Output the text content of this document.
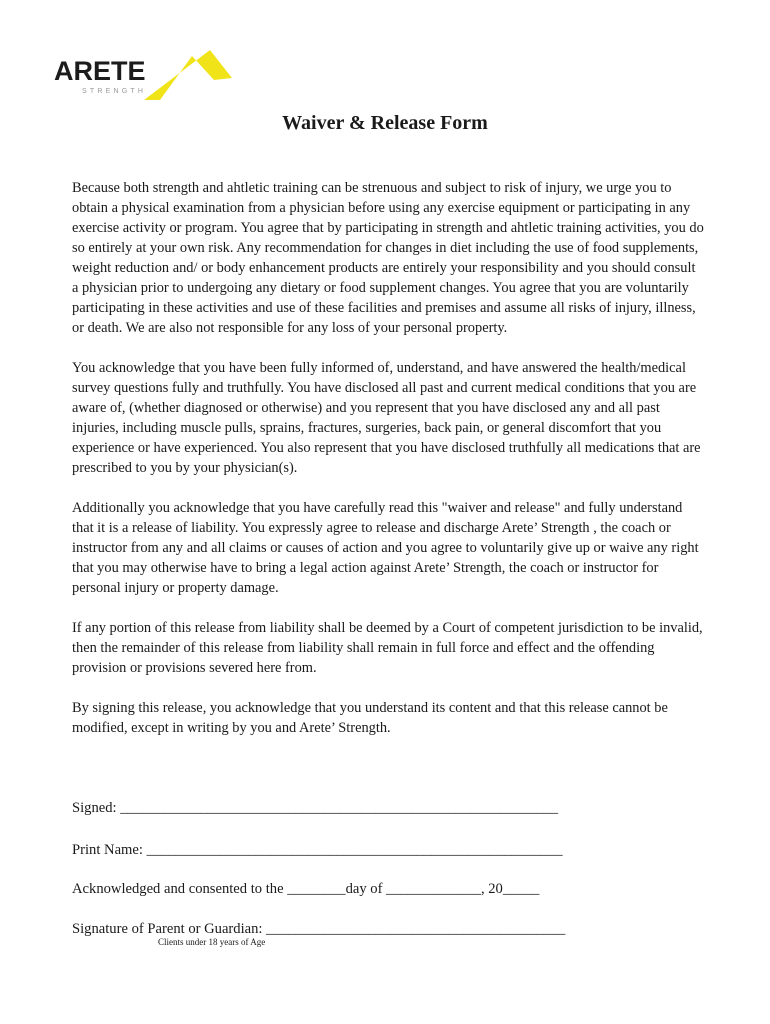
ARETE
STRENGTH
Waiver & Release Form

Because both strength and ahtletic training can be strenuous and subject to risk of injury, we urge you to obtain a physical examination from a physician before using any exercise equipment or participating in any exercise activity or program. You agree that by participating in strength and ahtletic training activities, you do so entirely at your own risk. Any recommendation for changes in diet including the use of food supplements, weight reduction and/ or body enhancement products are entirely your responsibility and you should consult a physician prior to undergoing any dietary or food supplement changes. You agree that you are voluntarily participating in these activities and use of these facilities and premises and assume all risks of injury, illness, or death. We are also not responsible for any loss of your personal property.

You acknowledge that you have been fully informed of, understand, and have answered the health/medical survey questions fully and truthfully. You have disclosed all past and current medical conditions that you are aware of, (whether diagnosed or otherwise) and you represent that you have disclosed any and all past injuries, including muscle pulls, sprains, fractures, surgeries, back pain, or general discomfort that you experience or have experienced. You also represent that you have disclosed truthfully all medications that are prescribed to you by your physician(s).

Additionally you acknowledge that you have carefully read this "waiver and release" and fully understand that it is a release of liability. You expressly agree to release and discharge Arete’ Strength , the coach or instructor from any and all claims or causes of action and you agree to voluntarily give up or waive any right that you may otherwise have to bring a legal action against Arete’ Strength, the coach or instructor for personal injury or property damage.

If any portion of this release from liability shall be deemed by a Court of competent jurisdiction to be invalid, then the remainder of this release from liability shall remain in full force and effect and the offending provision or provisions severed here from.

By signing this release, you acknowledge that you understand its content and that this release cannot be modified, except in writing by you and Arete’ Strength.

Signed: ____________________________________________________________
Print Name: _________________________________________________________
Acknowledged and consented to the ________day of _____________, 20_____
Signature of Parent or Guardian: _________________________________________
Clients under 18 years of Age
